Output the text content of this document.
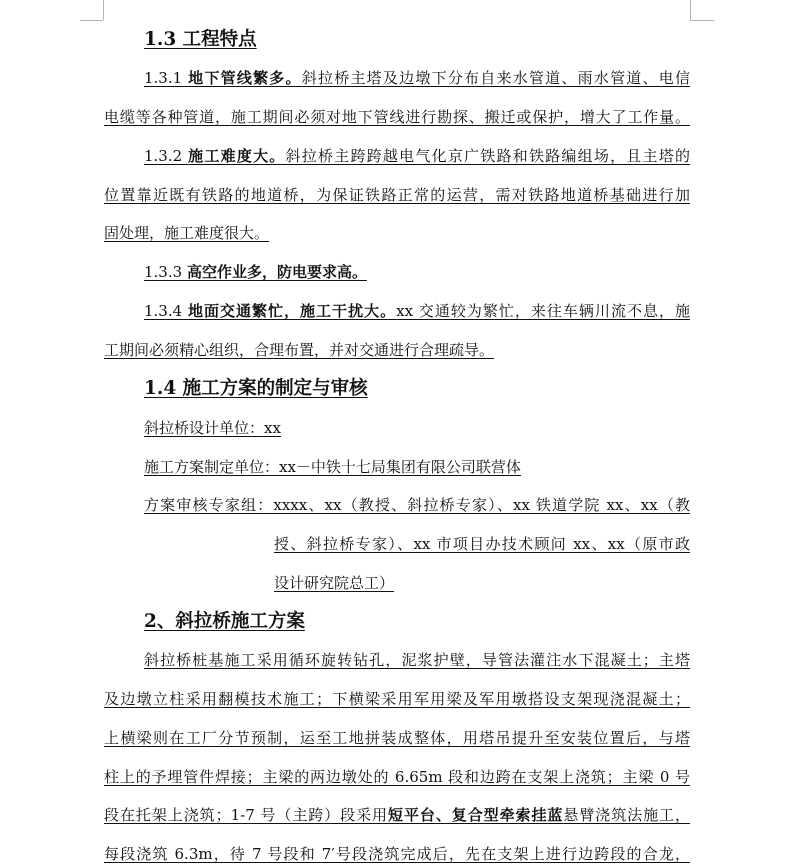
1.3 工程特点
1.3.1 地下管线繁多。斜拉桥主塔及边墩下分布自来水管道、雨水管道、电信
电缆等各种管道，施工期间必须对地下管线进行勘探、搬迁或保护，增大了工作量。
1.3.2 施工难度大。斜拉桥主跨跨越电气化京广铁路和铁路编组场，且主塔的
位置靠近既有铁路的地道桥，为保证铁路正常的运营，需对铁路地道桥基础进行加
固处理，施工难度很大。
1.3.3 高空作业多，防电要求高。
1.3.4 地面交通繁忙，施工干扰大。xx 交通较为繁忙，来往车辆川流不息，施
工期间必须精心组织，合理布置，并对交通进行合理疏导。
1.4 施工方案的制定与审核
斜拉桥设计单位：xx
施工方案制定单位：xx－中铁十七局集团有限公司联营体
方案审核专家组：xxxx、xx（教授、斜拉桥专家）、xx 铁道学院 xx、xx（教
授、斜拉桥专家）、xx 市项目办技术顾问 xx、xx（原市政
设计研究院总工）
2、斜拉桥施工方案
斜拉桥桩基施工采用循环旋转钻孔，泥浆护壁，导管法灌注水下混凝土；主塔
及边墩立柱采用翻模技术施工；下横梁采用军用梁及军用墩搭设支架现浇混凝土；
上横梁则在工厂分节预制，运至工地拼装成整体，用塔吊提升至安装位置后，与塔
柱上的予埋管件焊接；主梁的两边墩处的 6.65m 段和边跨在支架上浇筑；主梁 0 号
段在托架上浇筑；1-7 号（主跨）段采用短平台、复合型牵索挂蓝悬臂浇筑法施工，
每段浇筑 6.3m，待 7 号段和 7′号段浇筑完成后，先在支架上进行边跨段的合龙，
